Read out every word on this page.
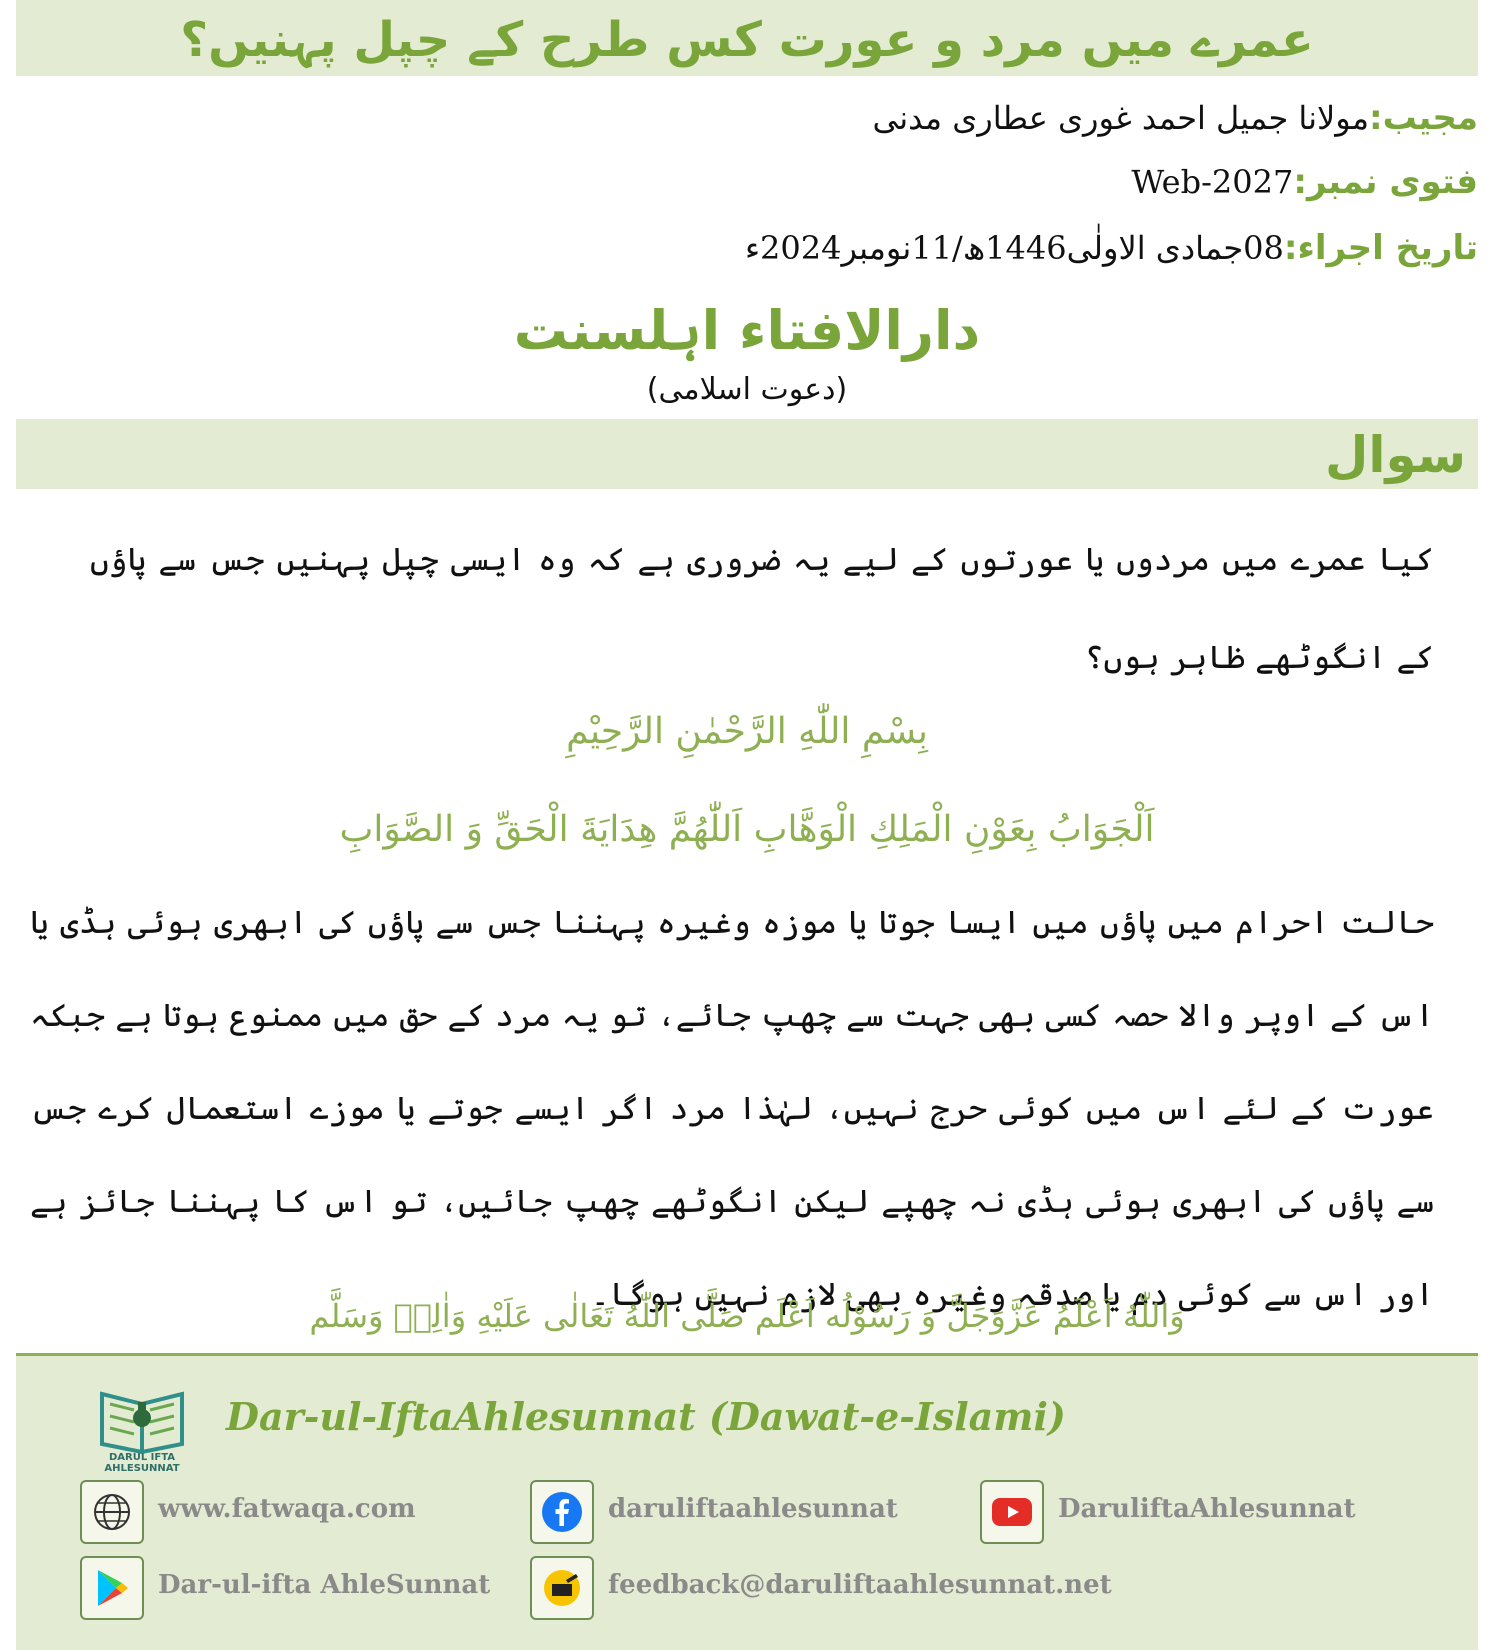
عمرے میں مرد و عورت کس طرح کے چپل پہنیں؟
مجیب:مولانا جمیل احمد غوری عطاری مدنی
فتوی نمبر:Web-2027
تاریخ اجراء:08جمادی الاولٰی1446ھ/11نومبر2024ء
دارالافتاء اہلسنت
(دعوت اسلامی)
سوال
کیا عمرے میں مردوں یا عورتوں کے لیے یہ ضروری ہے کہ وہ ایسی چپل پہنیں جس سے پاؤں کے انگوٹھے ظاہر ہوں؟
بِسْمِ اللّٰهِ الرَّحْمٰنِ الرَّحِیْمِ
اَلْجَوَابُ بِعَوْنِ الْمَلِكِ الْوَهَّابِ اَللّٰهُمَّ هِدَايَةَ الْحَقِّ وَ الصَّوَابِ
حالت احرام میں پاؤں میں ایسا جوتا یا موزہ وغیرہ پہننا جس سے پاؤں کی ابھری ہوئی ہڈی یا اس کے اوپر والا حصہ کسی بھی جہت سے چھپ جائے، تو یہ مرد کے حق میں ممنوع ہوتا ہے جبکہ عورت کے لئے اس میں کوئی حرج نہیں، لہٰذا مرد اگر ایسے جوتے یا موزے استعمال کرے جس سے پاؤں کی ابھری ہوئی ہڈی نہ چھپے لیکن انگوٹھے چھپ جائیں، تو اس کا پہننا جائز ہے اور اس سے کوئی دم یا صدقہ وغیرہ بھی لازم نہیں ہوگا۔
وَاللّٰهُ اَعْلَمُ عَزَّوَجَلَّ وَ رَسُوْلُه اَعْلَم صَلَّی اللّٰهُ تَعَالٰی عَلَیْهِ وَاٰلِهٖ وَسَلَّم
DARUL IFTA AHLESUNNAT
Dar-ul-IftaAhlesunnat (Dawat-e-Islami)
www.fatwaqa.com	daruliftaahlesunnat	DaruliftaAhlesunnat
Dar-ul-ifta AhleSunnat	feedback@daruliftaahlesunnat.net
